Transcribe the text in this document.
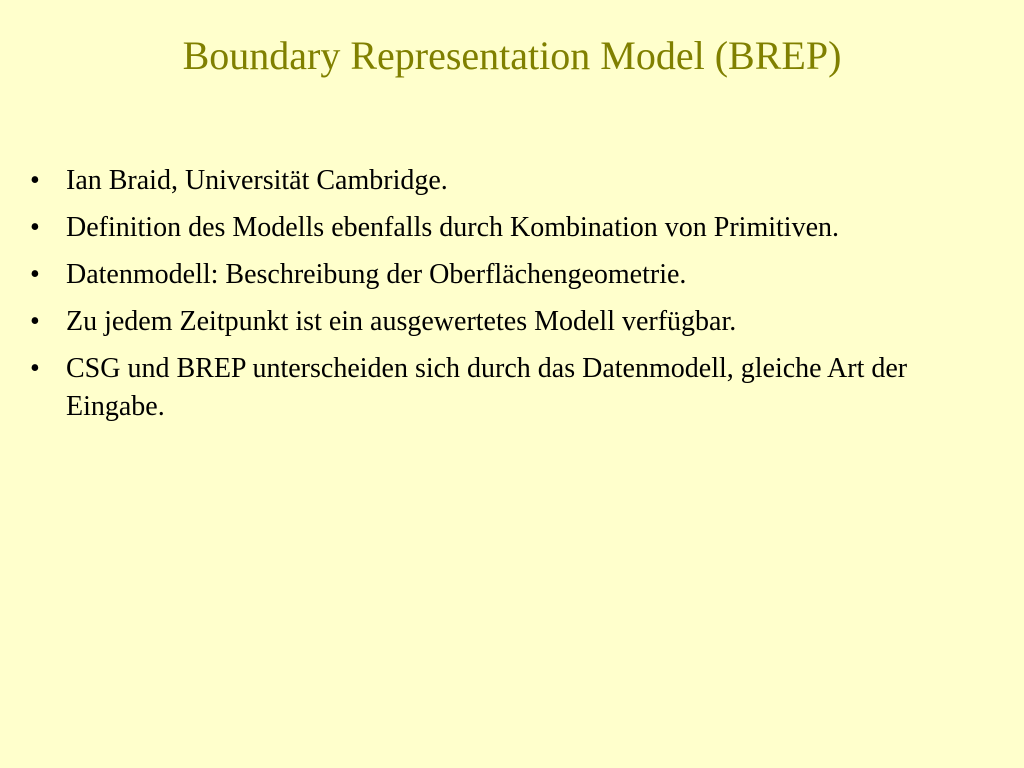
Boundary Representation Model (BREP)
• Ian Braid, Universität Cambridge.
• Definition des Modells ebenfalls durch Kombination von Primitiven.
• Datenmodell: Beschreibung der Oberflächengeometrie.
• Zu jedem Zeitpunkt ist ein ausgewertetes Modell verfügbar.
• CSG und BREP unterscheiden sich durch das Datenmodell, gleiche Art der Eingabe.
